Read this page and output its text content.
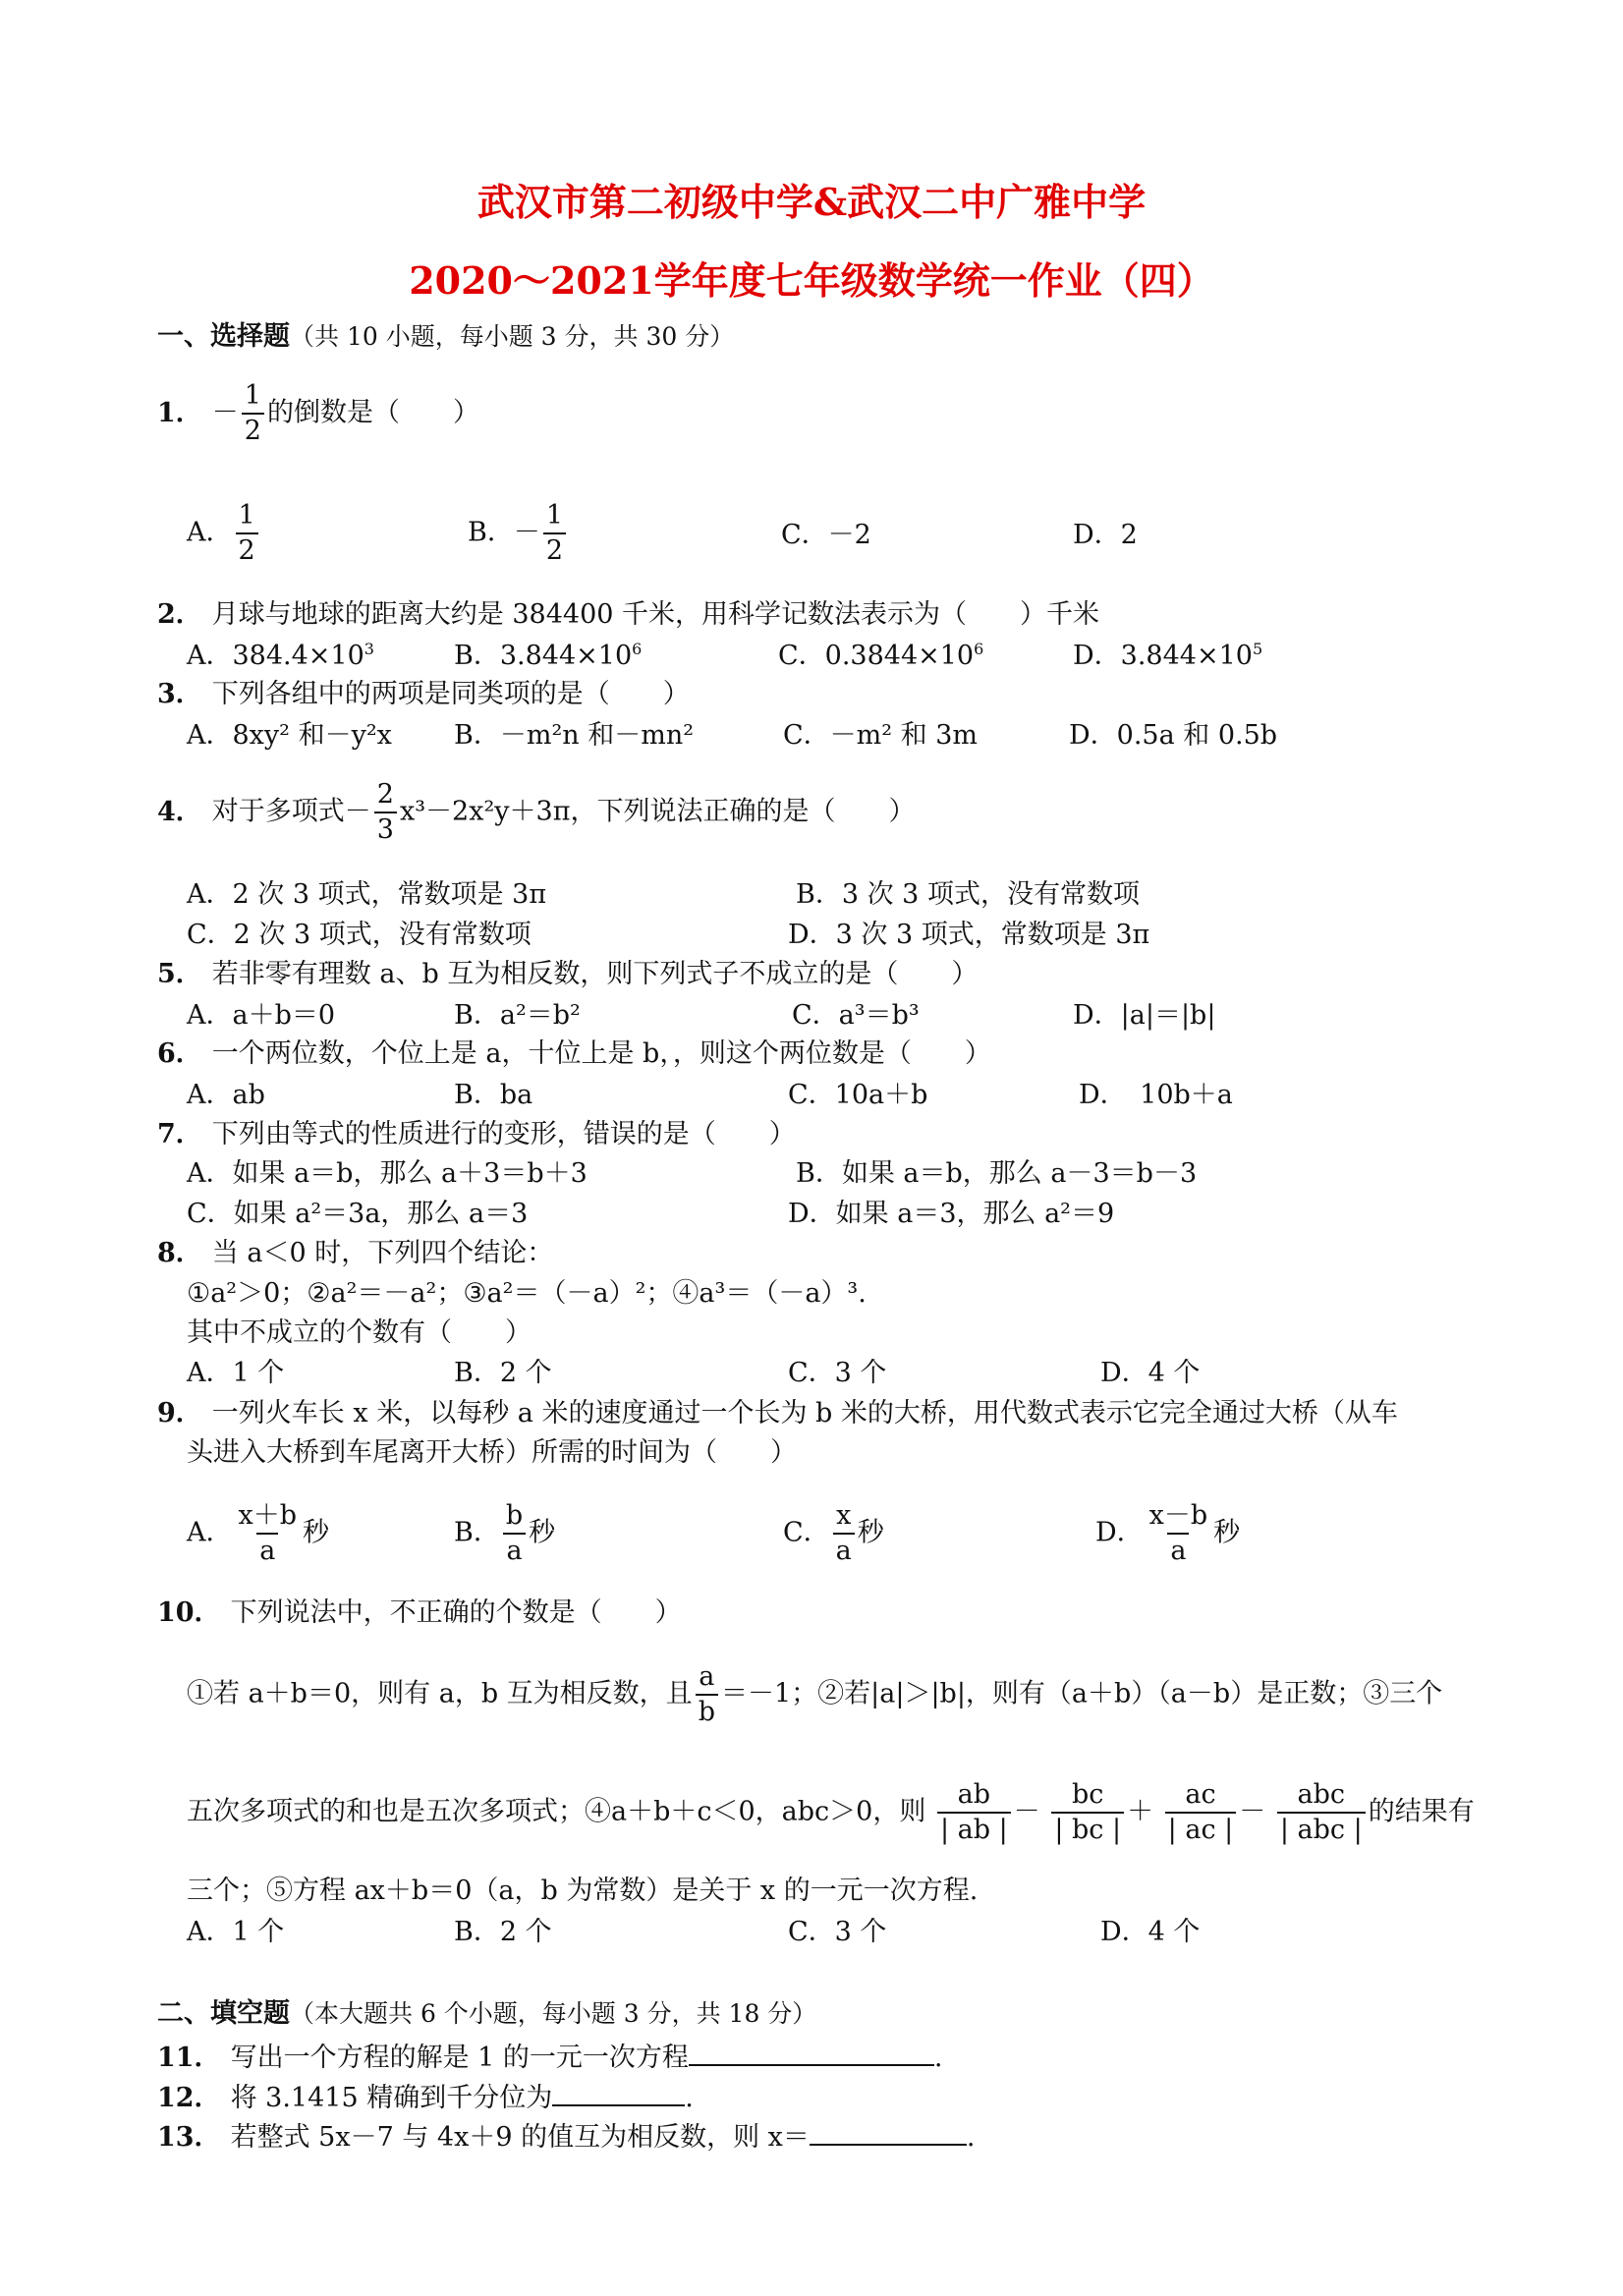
武汉市第二初级中学&武汉二中广雅中学
2020～2021学年度七年级数学统一作业（四）
一、选择题（共 10 小题，每小题 3 分，共 30 分）
1． － $\frac{1}{2}$ 的倒数是（　　）
A． $\frac{1}{2}$	B．－ $\frac{1}{2}$	C．－2	D．2
2． 月球与地球的距离大约是 384400 千米，用科学记数法表示为（　　）千米
A．$384.4\times 10^3$	B．$3.844\times 10^6$	C．$0.3844\times 10^6$	D．$3.844\times 10^5$
3． 下列各组中的两项是同类项的是（　　）
A．8xy² 和－y²x B．－m²n 和－mn²	C．－m² 和 3m	D．0.5a 和 0.5b
4． 对于多项式－ $\frac{2}{3} x^3-2x^2y+3\pi$，下列说法正确的是（　　）
A．2 次 3 项式，常数项是 3π	B．3 次 3 项式，没有常数项
C．2 次 3 项式，没有常数项	D．3 次 3 项式，常数项是 3π
5． 若非零有理数 a、b 互为相反数，则下列式子不成立的是（　　）
A．a＋b＝0	B．a²＝b²	C．a³＝b³	D．|a|＝|b|
6． 一个两位数，个位上是 a，十位上是 b，，则这个两位数是（　　）
A．ab	B．ba	C．10a＋b	D．　10b＋a
7． 下列由等式的性质进行的变形，错误的是（　　）
A．如果 a＝b，那么 a＋3＝b＋3	B．如果 a＝b，那么 a－3＝b－3
C．如果 a²＝3a，那么 a＝3	D．如果 a＝3，那么 a²＝9
8． 当 a＜0 时，下列四个结论：
①a²＞0；②a²＝－a²；③a²＝（－a）²；④a³＝（－a）³.
其中不成立的个数有（　　）
A．1 个	B．2 个	C．3 个	D．4 个
9． 一列火车长 x 米，以每秒 a 米的速度通过一个长为 b 米的大桥，用代数式表示它完全通过大桥（从车
头进入大桥到车尾离开大桥）所需的时间为（　　）
A． $\frac{x+b}{a}$ 秒	B． $\frac{b}{a}$ 秒	C． $\frac{x}{a}$ 秒	D． $\frac{x-b}{a}$ 秒
10． 下列说法中，不正确的个数是（　　）
①若 a＋b＝0，则有 a，b 互为相反数，且 $\frac{a}{b} =-1$；②若|a|＞|b|，则有（a＋b）（a－b）是正数；③三个
五次多项式的和也是五次多项式；④a＋b＋c＜0，abc＞0，则 $\frac{ab}{| ab |} - \frac{bc}{| bc |} + \frac{ac}{| ac |} - \frac{\text{abc}}{\text{| abc |}}$ 的结果有
三个；⑤方程 ax＋b＝0（a，b 为常数）是关于 x 的一元一次方程.
A．1 个	B．2 个	C．3 个	D．4 个
二、填空题（本大题共 6 个小题，每小题 3 分，共 18 分）
11． 写出一个方程的解是 1 的一元一次方程	.
12． 将 3.1415 精确到千分位为	.
13． 若整式 5x－7 与 4x＋9 的值互为相反数，则 x＝	.
